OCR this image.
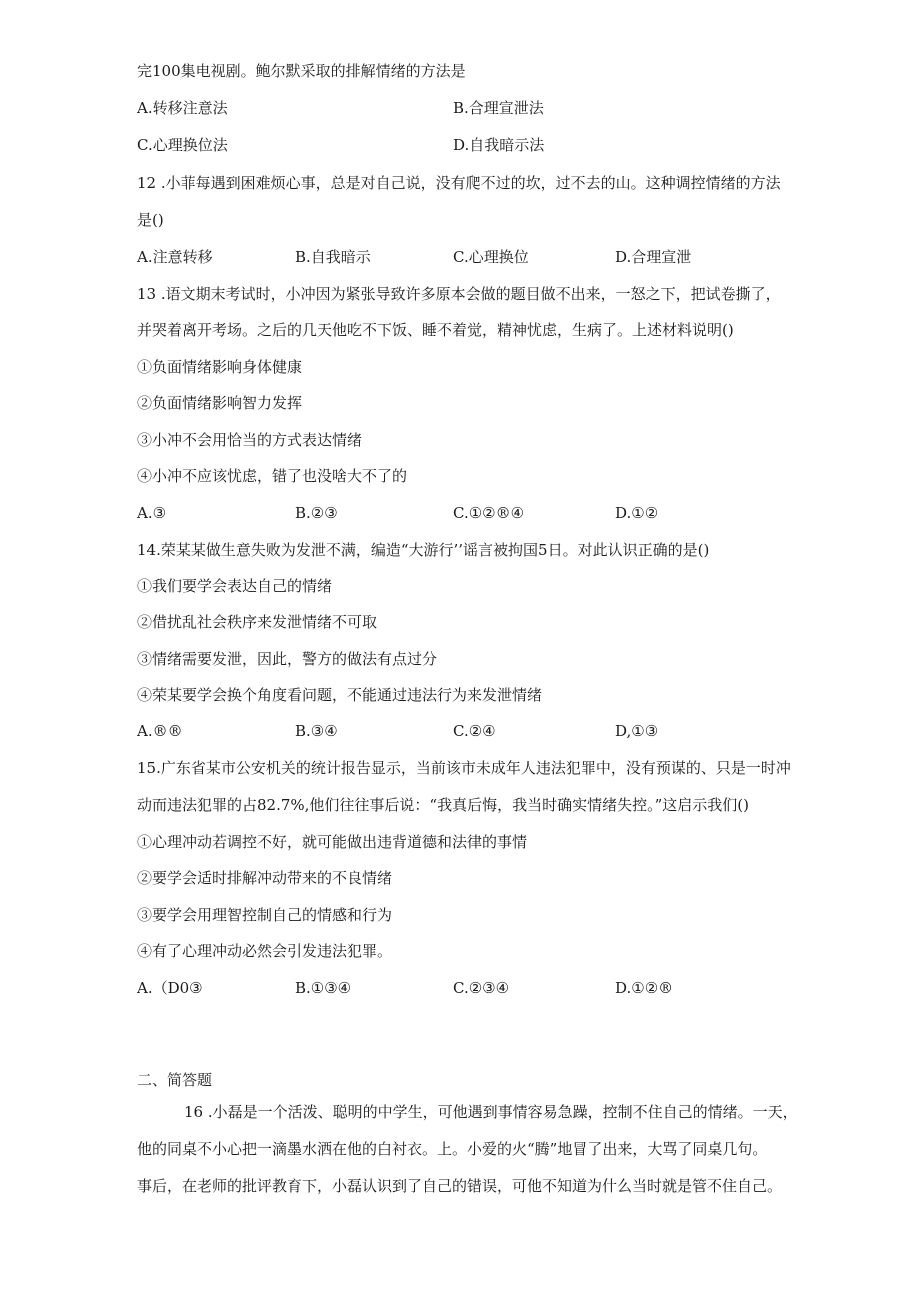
完100集电视剧。鲍尔默采取的排解情绪的方法是
A.转移注意法	B.合理宣泄法
C.心理换位法	D.自我暗示法
12 .小菲每遇到困难烦心事，总是对自己说，没有爬不过的坎，过不去的山。这种调控情绪的方法
是()
A.注意转移	B.自我暗示	C.心理换位	D.合理宣泄
13 .语文期末考试时，小冲因为紧张导致许多原本会做的题目做不出来，一怒之下，把试卷撕了，
并哭着离开考场。之后的几天他吃不下饭、睡不着觉，精神忧虑，生病了。上述材料说明()
①负面情绪影响身体健康
②负面情绪影响智力发挥
③小冲不会用恰当的方式表达情绪
④小冲不应该忧虑，错了也没啥大不了的
A.③	B.②③	C.①②®④	D.①②
14.荣某某做生意失败为发泄不满，编造“大游行’’谣言被拘国5日。对此认识正确的是()
①我们要学会表达自己的情绪
②借扰乱社会秩序来发泄情绪不可取
③情绪需要发泄，因此，警方的做法有点过分
④荣某要学会换个角度看问题，不能通过违法行为来发泄情绪
A.®®	B.③④	C.②④	D,①③
15.广东省某市公安机关的统计报告显示，当前该市未成年人违法犯罪中，没有预谋的、只是一时冲
动而违法犯罪的占82.7%,他们往往事后说：“我真后悔，我当时确实情绪失控。”这启示我们()
①心理冲动若调控不好，就可能做出违背道德和法律的事情
②要学会适时排解冲动带来的不良情绪
③要学会用理智控制自己的情感和行为
④有了心理冲动必然会引发违法犯罪。
A.（D0③	B.①③④	C.②③④	D.①②®
二、简答题
16 .小磊是一个活泼、聪明的中学生，可他遇到事情容易急躁，控制不住自己的情绪。一天，
他的同桌不小心把一滴墨水洒在他的白衬衣。上。小爱的火“腾”地冒了出来，大骂了同桌几句。
事后，在老师的批评教育下，小磊认识到了自己的错误，可他不知道为什么当时就是管不住自己。
